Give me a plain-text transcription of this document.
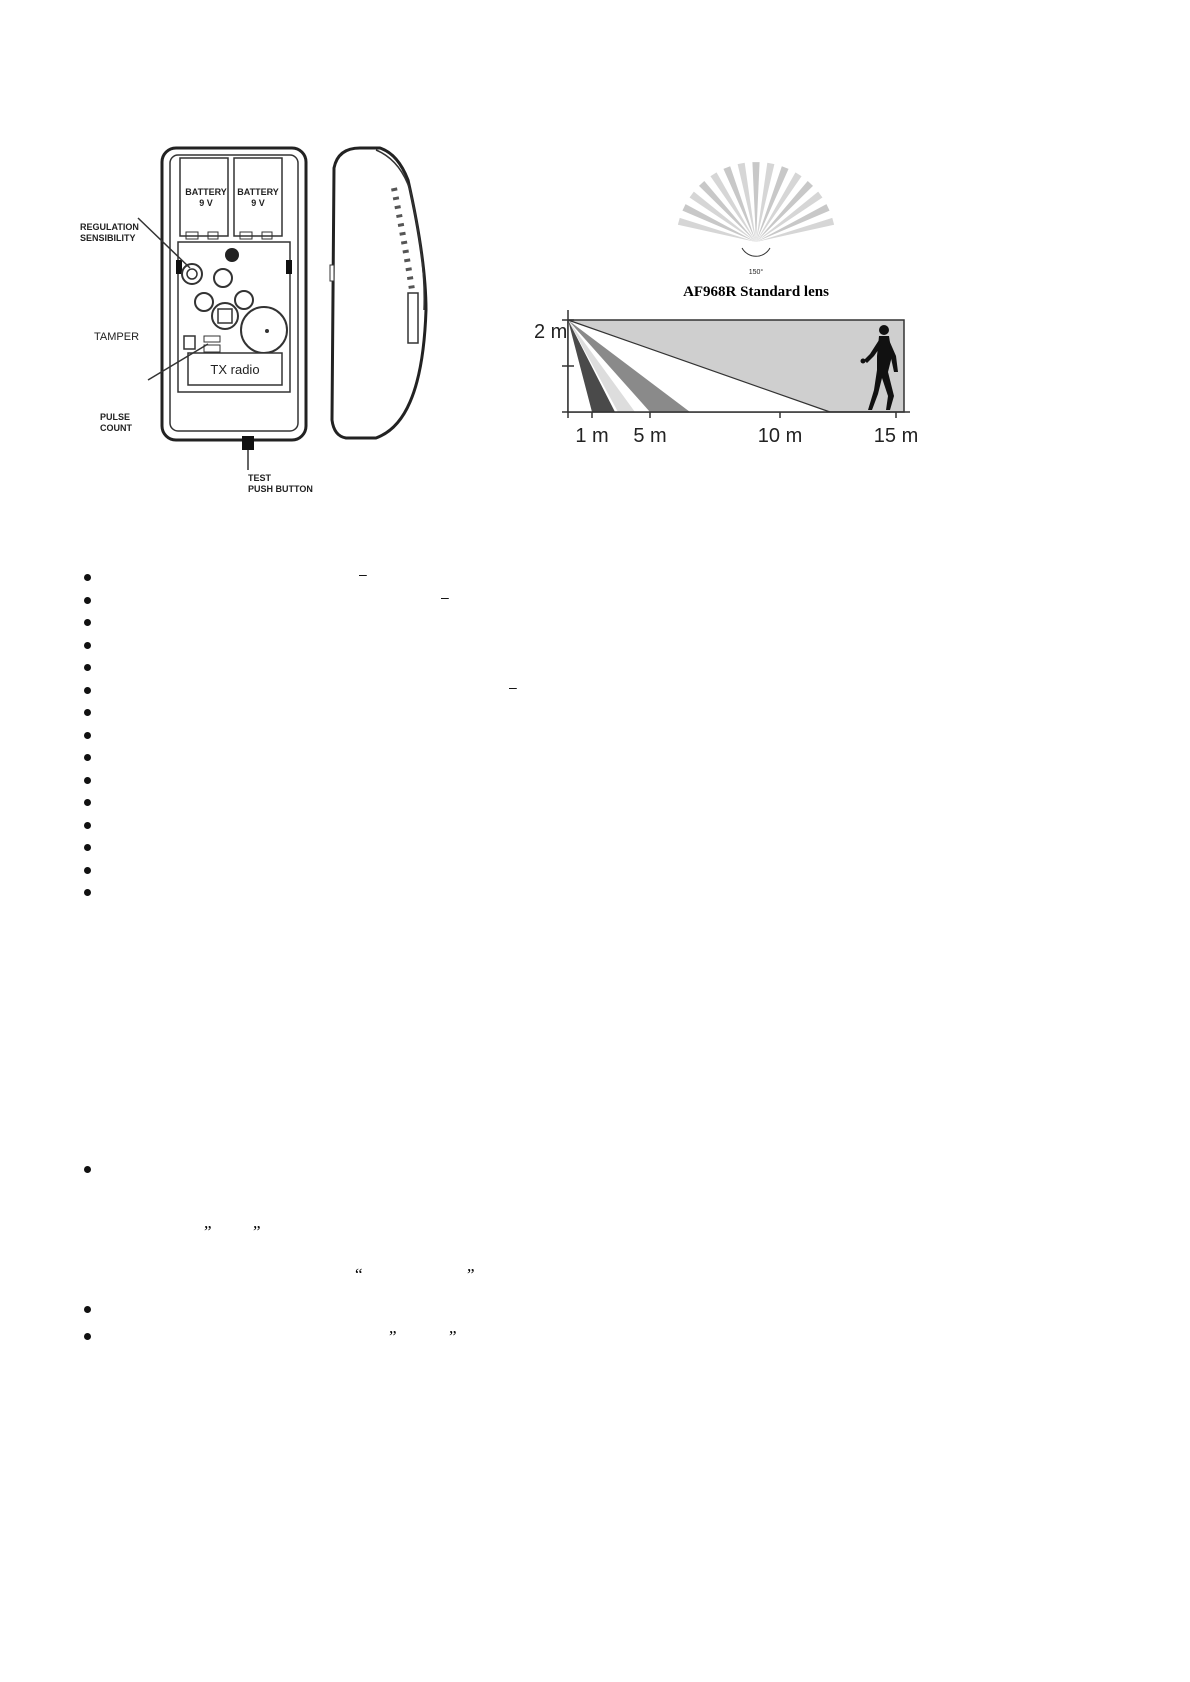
BATTERY
9 V
BATTERY
9 V
REGULATION
SENSIBILITY
TAMPER
PULSE
COUNT
TX radio
TEST
PUSH BUTTON
150°
AF968R Standard lens
2 m
1 m 5 m	10 m	15 m
–
–
–
” ”
“	”
”	”
